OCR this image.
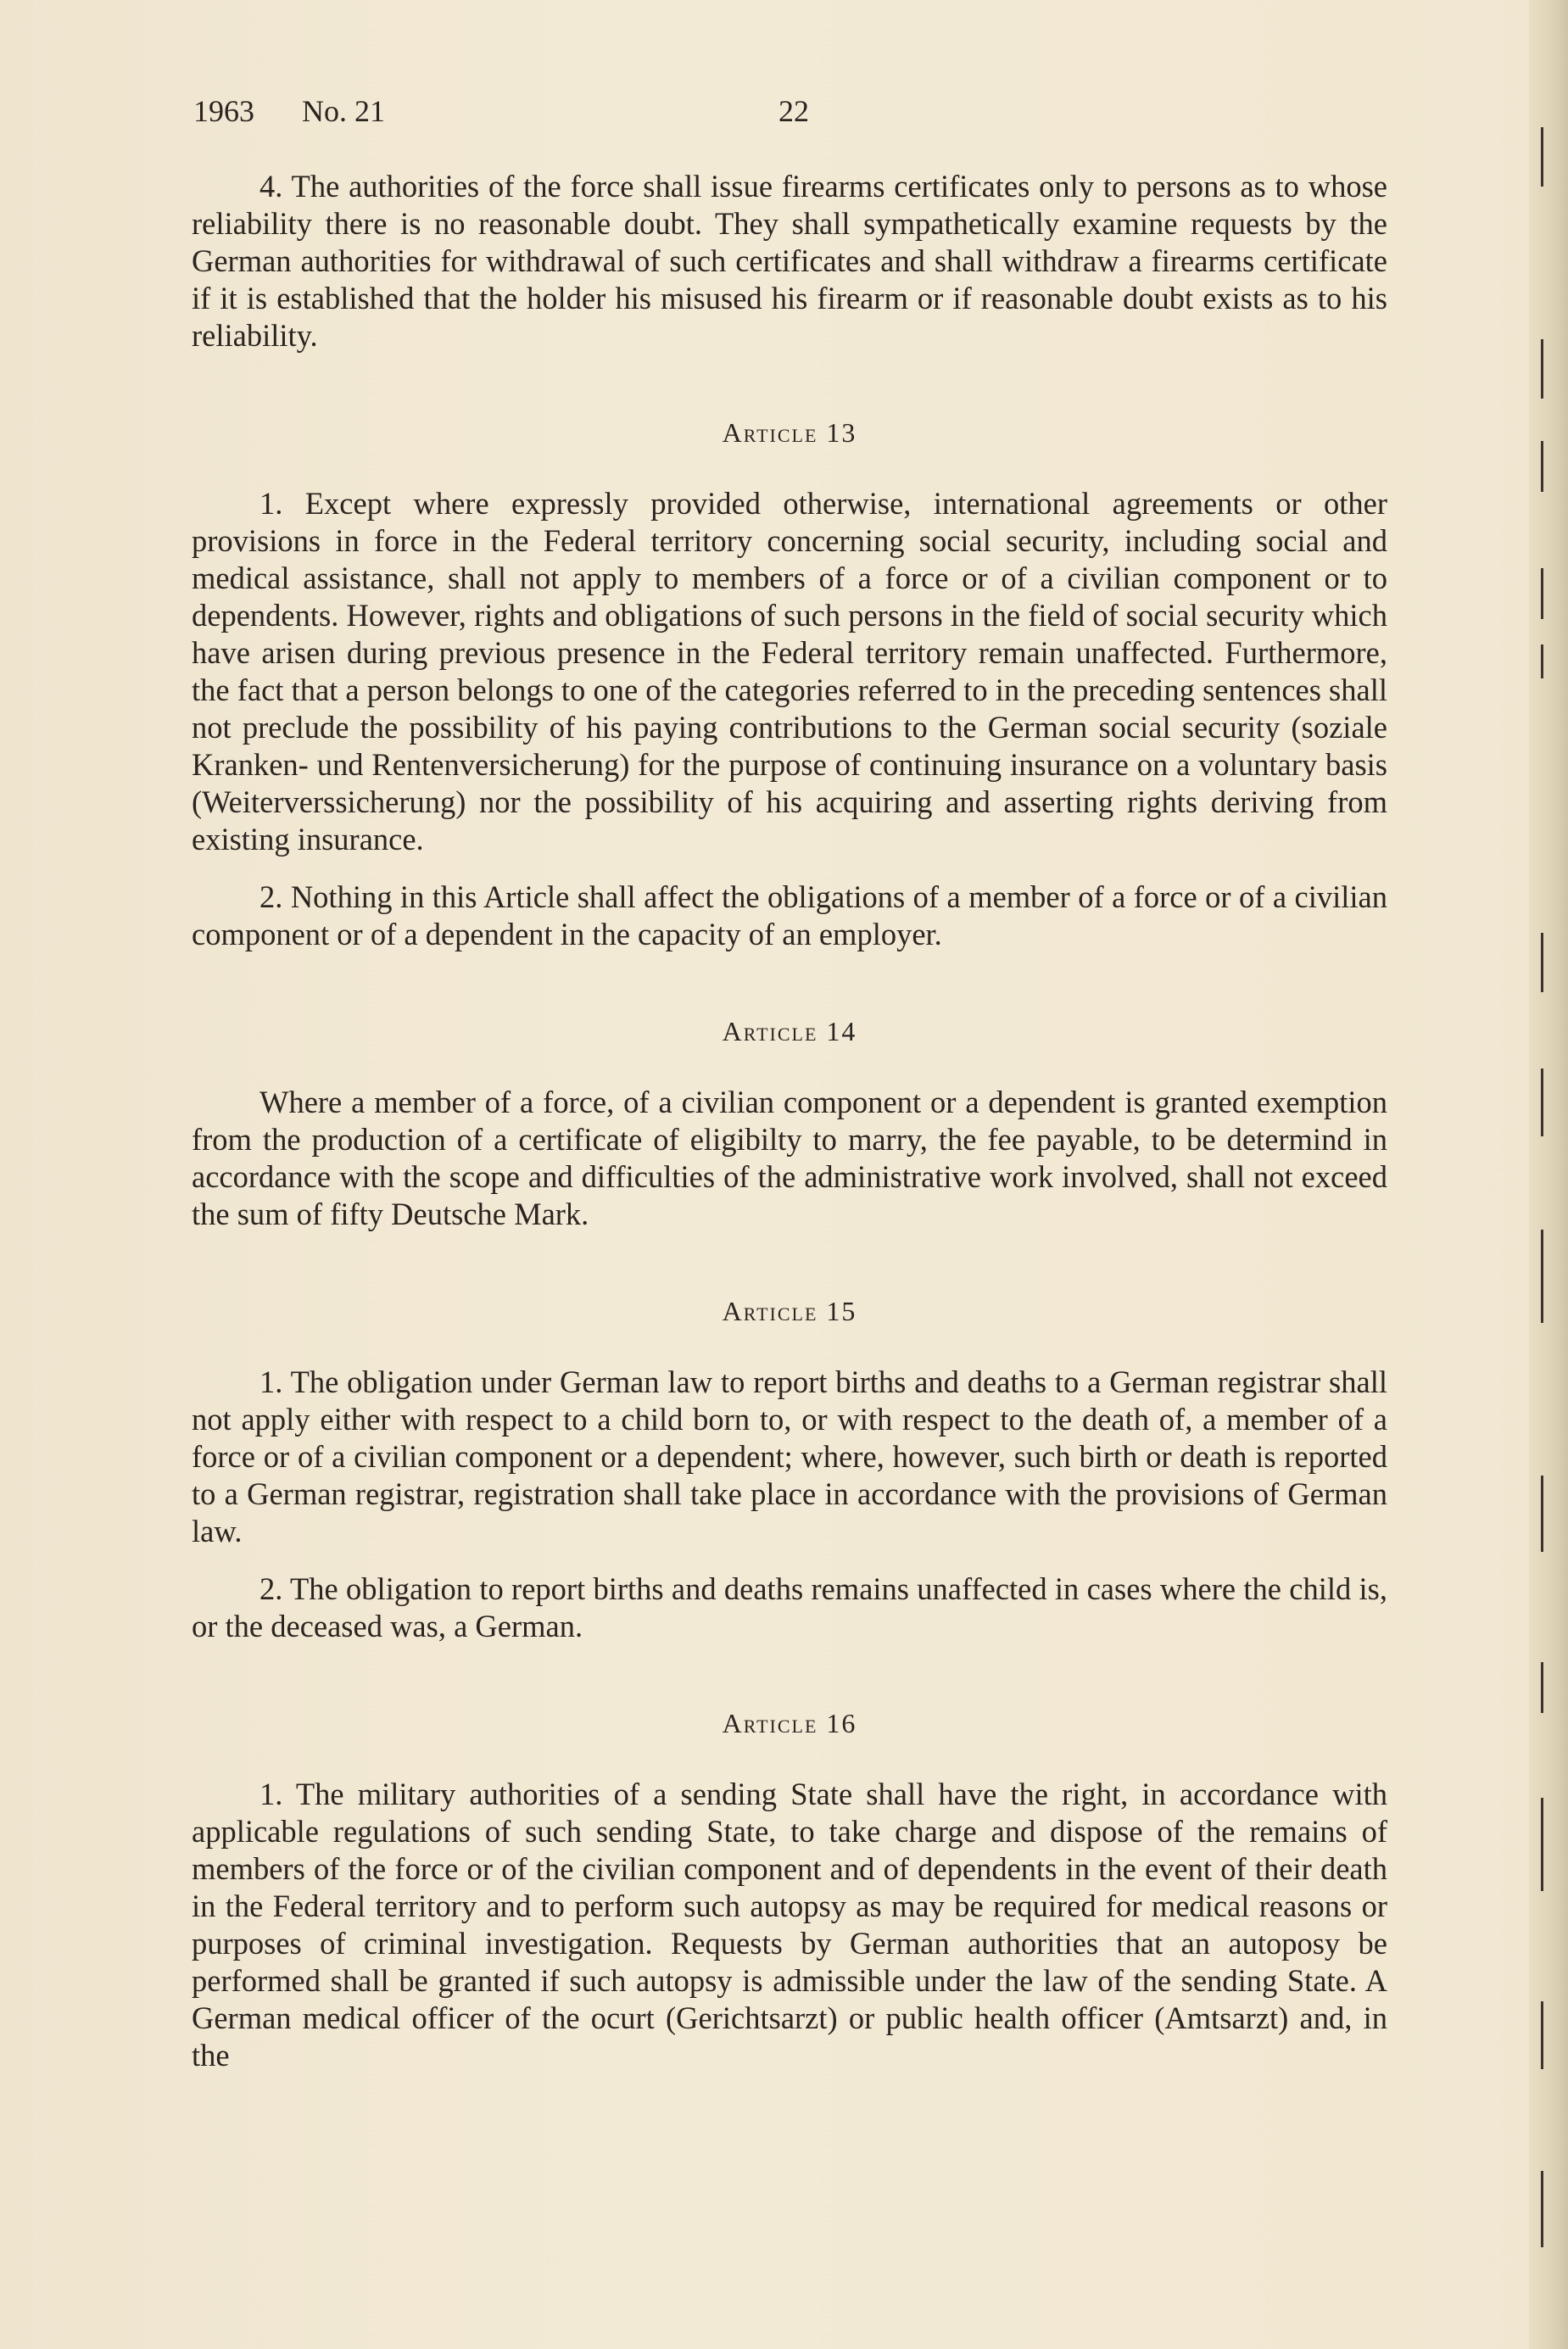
1963 No. 21	22

4. The authorities of the force shall issue firearms certificates only to persons as to whose reliability there is no reasonable doubt. They shall sympathetically examine requests by the German authorities for withdrawal of such certificates and shall withdraw a firearms certificate if it is established that the holder his misused his firearm or if reasonable doubt exists as to his reliability.

Article 13

1. Except where expressly provided otherwise, international agreements or other provisions in force in the Federal territory concerning social security, including social and medical assistance, shall not apply to members of a force or of a civilian component or to dependents. However, rights and obligations of such persons in the field of social security which have arisen during previous presence in the Federal territory remain unaffected. Furthermore, the fact that a person belongs to one of the categories referred to in the preceding sentences shall not preclude the possibility of his paying contributions to the German social security (soziale Kranken- und Rentenversicherung) for the purpose of continuing insurance on a voluntary basis (Weiterverssicherung) nor the possibility of his acquiring and asserting rights deriving from existing insurance.

2. Nothing in this Article shall affect the obligations of a member of a force or of a civilian component or of a dependent in the capacity of an employer.

Article 14

Where a member of a force, of a civilian component or a dependent is granted exemption from the production of a certificate of eligibilty to marry, the fee payable, to be determind in accordance with the scope and difficulties of the administrative work involved, shall not exceed the sum of fifty Deutsche Mark.

Article 15

1. The obligation under German law to report births and deaths to a German registrar shall not apply either with respect to a child born to, or with respect to the death of, a member of a force or of a civilian component or a dependent; where, however, such birth or death is reported to a German registrar, registration shall take place in accordance with the provisions of German law.

2. The obligation to report births and deaths remains unaffected in cases where the child is, or the deceased was, a German.

Article 16

1. The military authorities of a sending State shall have the right, in accordance with applicable regulations of such sending State, to take charge and dispose of the remains of members of the force or of the civilian component and of dependents in the event of their death in the Federal territory and to perform such autopsy as may be required for medical reasons or purposes of criminal investigation. Requests by German authorities that an autoposy be performed shall be granted if such autopsy is admissible under the law of the sending State. A German medical officer of the ocurt (Gerichtsarzt) or public health officer (Amtsarzt) and, in the
